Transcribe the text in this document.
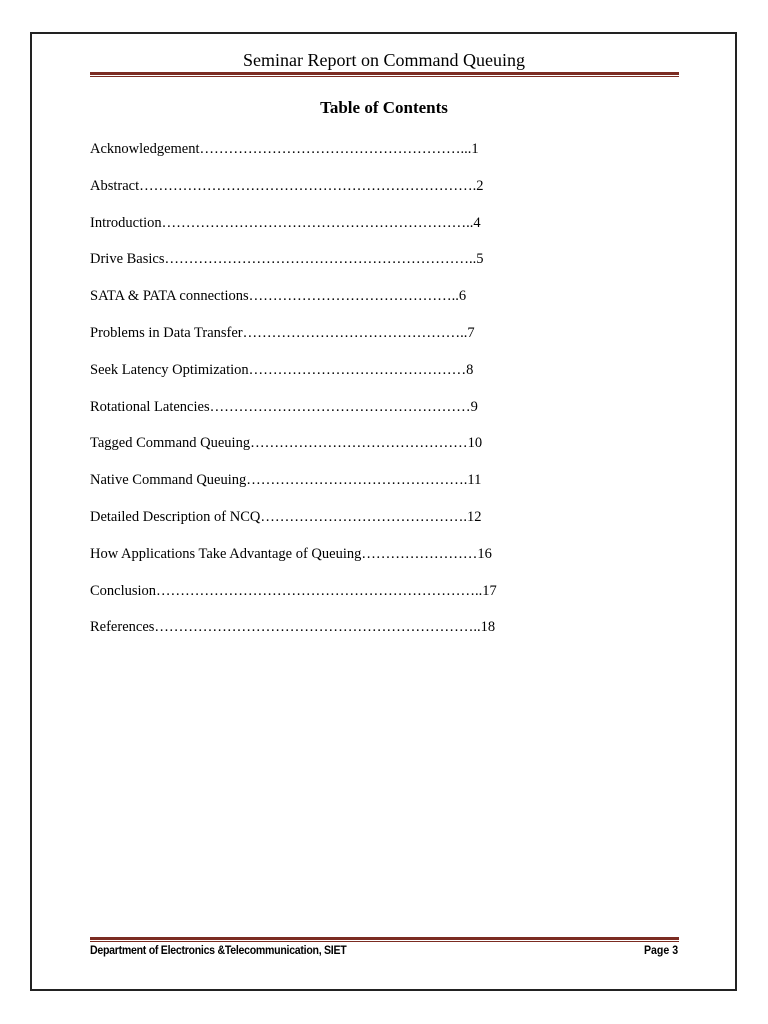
Seminar Report on Command Queuing
Table of Contents
Acknowledgement………………………………………………...1
Abstract…………………………………………………………….2
Introduction………………………………………………………..4
Drive Basics………………………………………………………..5
SATA & PATA connections……………………………………..6
Problems in Data Transfer………………………………………..7
Seek Latency Optimization………………………………………8
Rotational Latencies………………………………………………9
Tagged Command Queuing………………………………………10
Native Command Queuing……………………………………….11
Detailed Description of NCQ…………………………………….12
How Applications Take Advantage of Queuing……………………16
Conclusion…………………………………………………………..17
References…………………………………………………………..18
Department of Electronics &Telecommunication, SIET	Page 3
